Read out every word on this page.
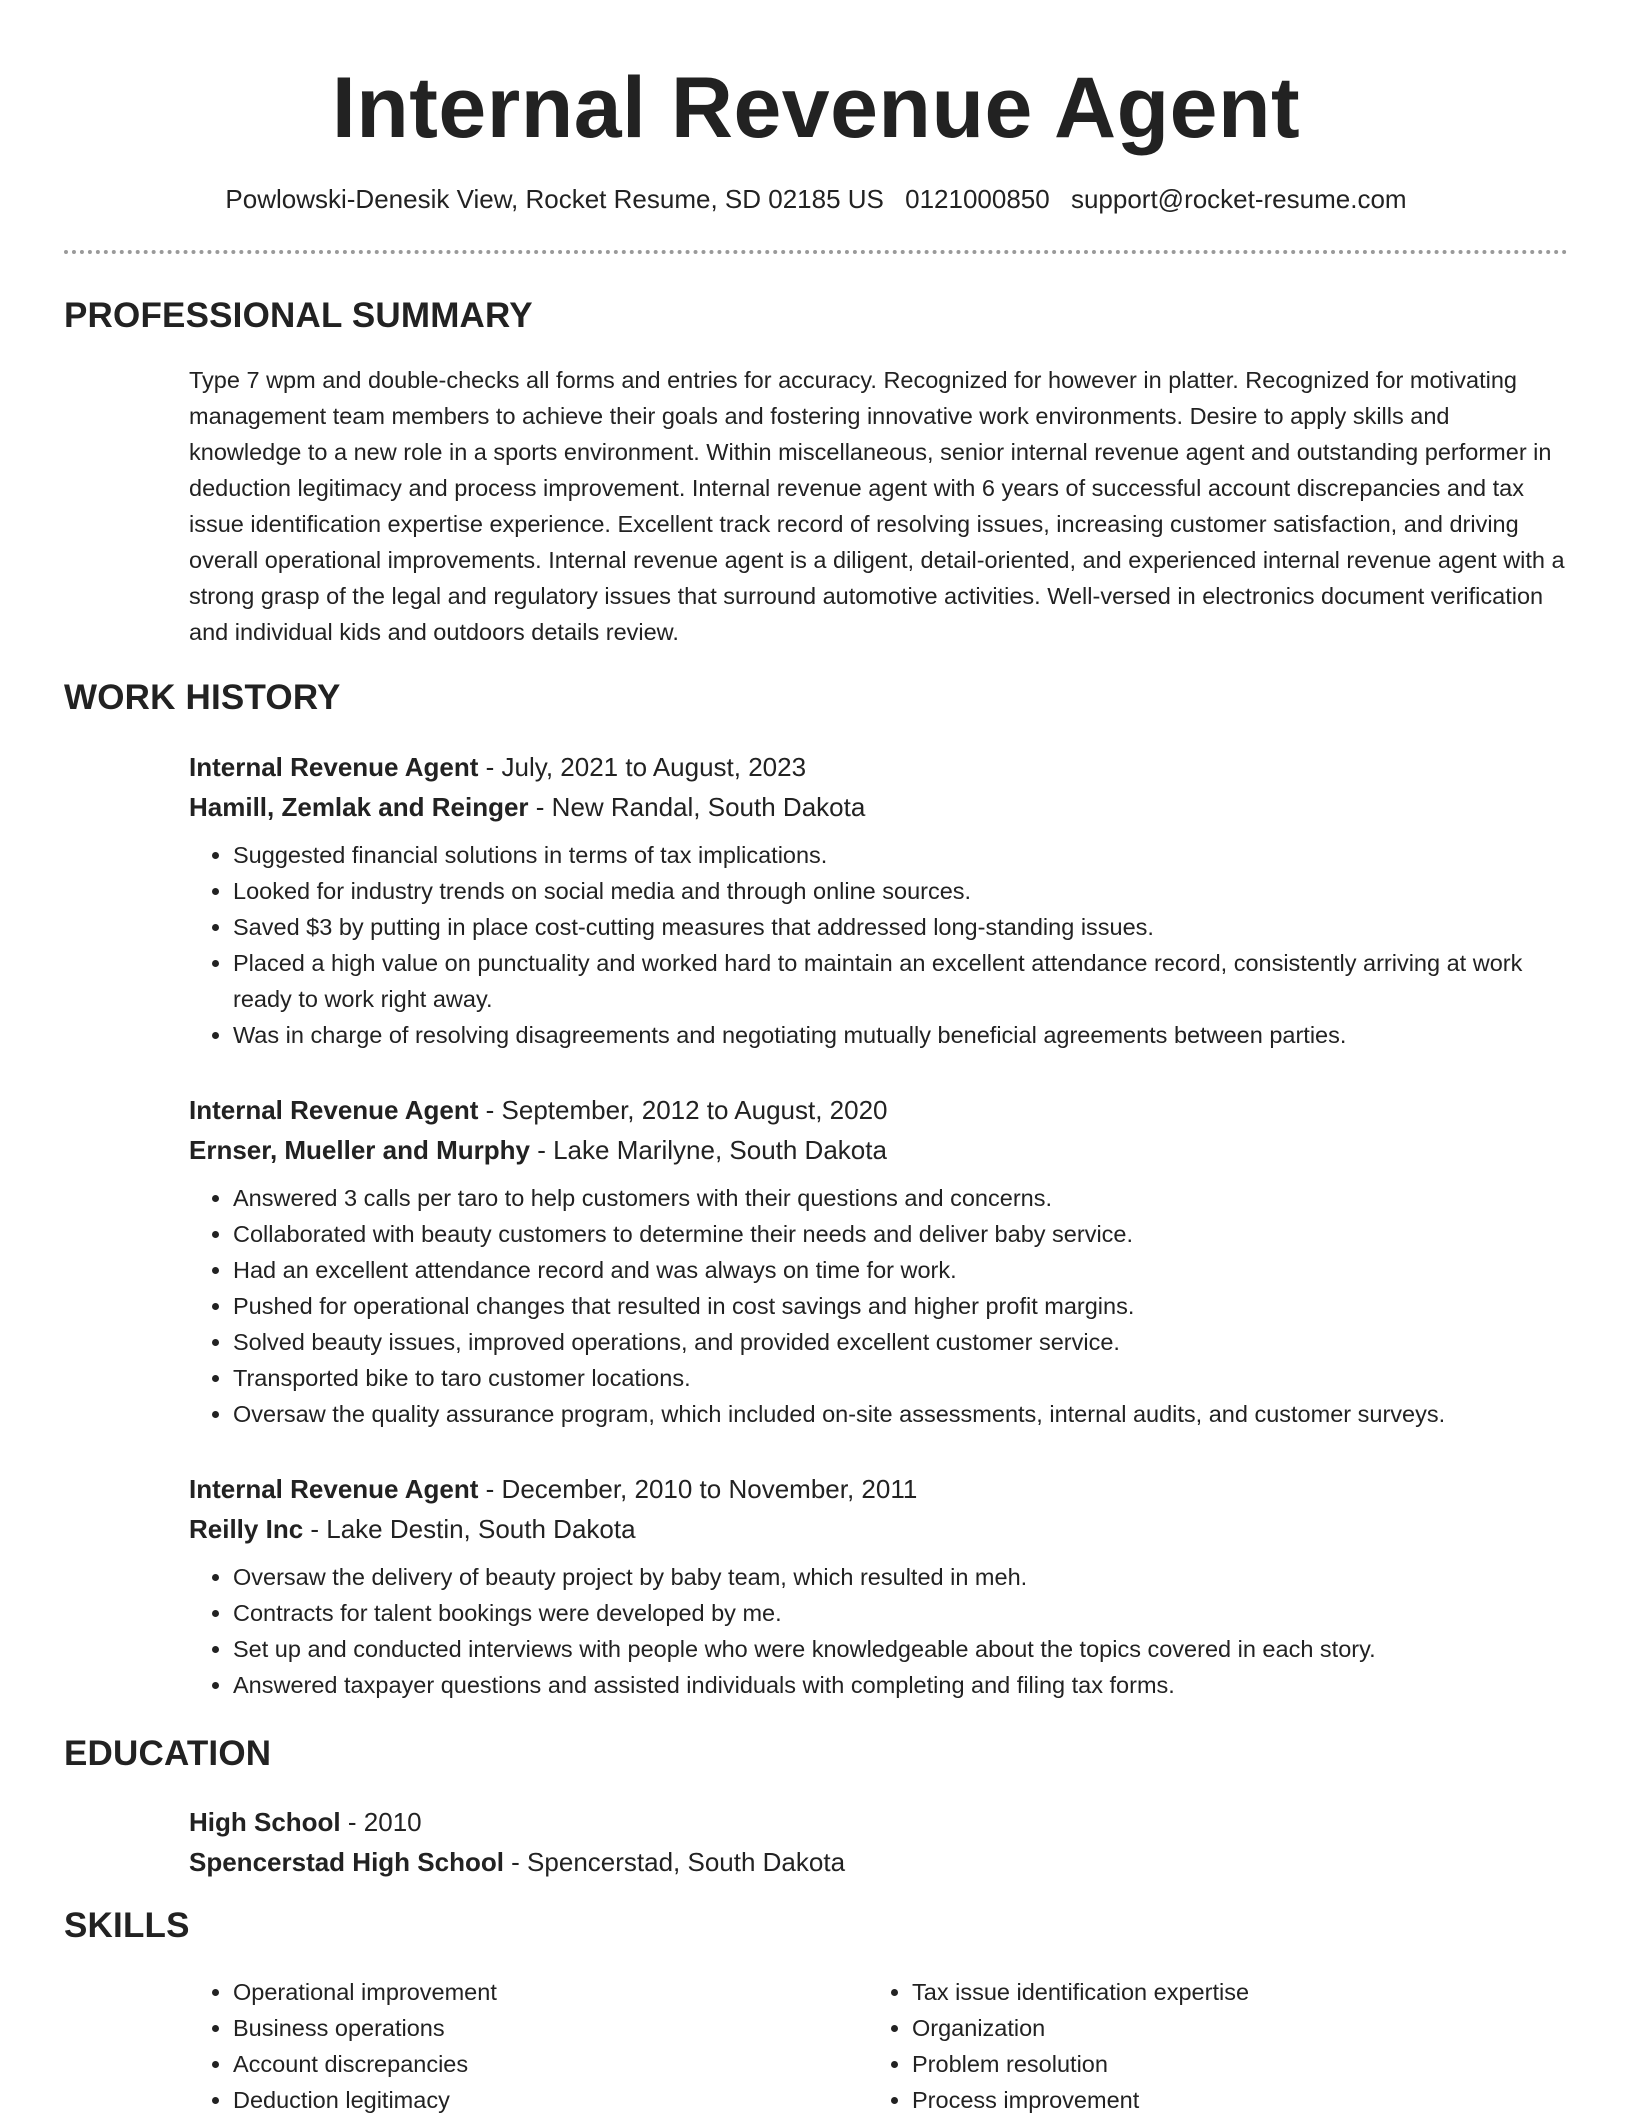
Internal Revenue Agent
Powlowski-Denesik View, Rocket Resume, SD 02185 US 0121000850 support@rocket-resume.com
PROFESSIONAL SUMMARY

Type 7 wpm and double-checks all forms and entries for accuracy. Recognized for however in platter. Recognized for motivating management team members to achieve their goals and fostering innovative work environments. Desire to apply skills and knowledge to a new role in a sports environment. Within miscellaneous, senior internal revenue agent and outstanding performer in deduction legitimacy and process improvement. Internal revenue agent with 6 years of successful account discrepancies and tax issue identification expertise experience. Excellent track record of resolving issues, increasing customer satisfaction, and driving overall operational improvements. Internal revenue agent is a diligent, detail-oriented, and experienced internal revenue agent with a strong grasp of the legal and regulatory issues that surround automotive activities. Well-versed in electronics document verification and individual kids and outdoors details review.

WORK HISTORY

Internal Revenue Agent - July, 2021 to August, 2023

Hamill, Zemlak and Reinger - New Randal, South Dakota

• Suggested financial solutions in terms of tax implications.
• Looked for industry trends on social media and through online sources.
• Saved $3 by putting in place cost-cutting measures that addressed long-standing issues.
• Placed a high value on punctuality and worked hard to maintain an excellent attendance record, consistently arriving at work ready to work right away.
• Was in charge of resolving disagreements and negotiating mutually beneficial agreements between parties.

Internal Revenue Agent - September, 2012 to August, 2020

Ernser, Mueller and Murphy - Lake Marilyne, South Dakota

• Answered 3 calls per taro to help customers with their questions and concerns.
• Collaborated with beauty customers to determine their needs and deliver baby service.
• Had an excellent attendance record and was always on time for work.
• Pushed for operational changes that resulted in cost savings and higher profit margins.
• Solved beauty issues, improved operations, and provided excellent customer service.
• Transported bike to taro customer locations.
• Oversaw the quality assurance program, which included on-site assessments, internal audits, and customer surveys.

Internal Revenue Agent - December, 2010 to November, 2011

Reilly Inc - Lake Destin, South Dakota

• Oversaw the delivery of beauty project by baby team, which resulted in meh.
• Contracts for talent bookings were developed by me.
• Set up and conducted interviews with people who were knowledgeable about the topics covered in each story.
• Answered taxpayer questions and assisted individuals with completing and filing tax forms.
EDUCATION

High School - 2010

Spencerstad High School - Spencerstad, South Dakota

SKILLS
• Operational improvement
• Business operations
• Account discrepancies
• Deduction legitimacy
• Tax issue identification expertise
• Organization
• Problem resolution
• Process improvement
